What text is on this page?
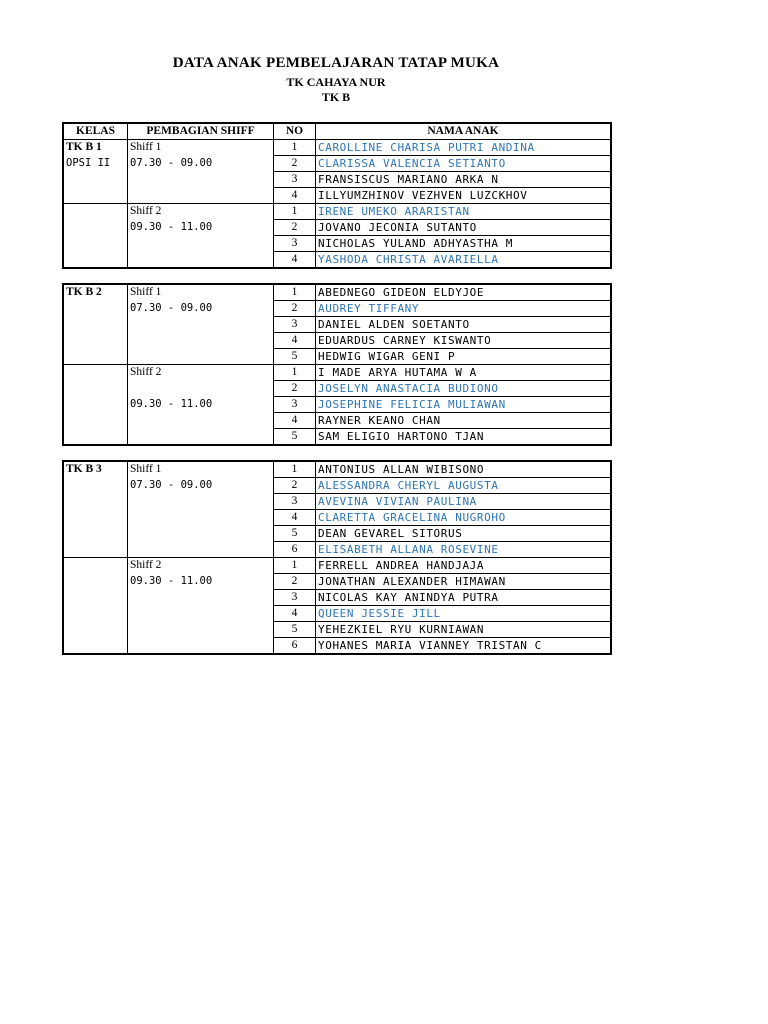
DATA ANAK PEMBELAJARAN TATAP MUKA
TK CAHAYA NUR
TK B
KELAS	PEMBAGIAN SHIFF	NO	NAMA ANAK
TK B 1	Shiff 1	1	CAROLLINE CHARISA PUTRI ANDINA
OPSI II	07.30 - 09.00	2	CLARISSA VALENCIA SETIANTO
		3	FRANSISCUS MARIANO ARKA N
		4	ILLYUMZHINOV VEZHVEN LUZCKHOV
	Shiff 2	1	IRENE UMEKO ARARISTAN
	09.30 - 11.00	2	JOVANO JECONIA SUTANTO
		3	NICHOLAS YULAND ADHYASTHA M
		4	YASHODA CHRISTA AVARIELLA
TK B 2	Shiff 1	1	ABEDNEGO GIDEON ELDYJOE
	07.30 - 09.00	2	AUDREY TIFFANY
		3	DANIEL ALDEN SOETANTO
		4	EDUARDUS CARNEY KISWANTO
		5	HEDWIG WIGAR GENI P
	Shiff 2	1	I MADE ARYA HUTAMA W A
		2	JOSELYN ANASTACIA BUDIONO
	09.30 - 11.00	3	JOSEPHINE FELICIA MULIAWAN
		4	RAYNER KEANO CHAN
		5	SAM ELIGIO HARTONO TJAN
TK B 3	Shiff 1	1	ANTONIUS ALLAN WIBISONO
	07.30 - 09.00	2	ALESSANDRA CHERYL AUGUSTA
		3	AVEVINA VIVIAN PAULINA
		4	CLARETTA GRACELINA NUGROHO
		5	DEAN GEVAREL SITORUS
		6	ELISABETH ALLANA ROSEVINE
	Shiff 2	1	FERRELL ANDREA HANDJAJA
	09.30 - 11.00	2	JONATHAN ALEXANDER HIMAWAN
		3	NICOLAS KAY ANINDYA PUTRA
		4	QUEEN JESSIE JILL
		5	YEHEZKIEL RYU KURNIAWAN
		6	YOHANES MARIA VIANNEY TRISTAN C
